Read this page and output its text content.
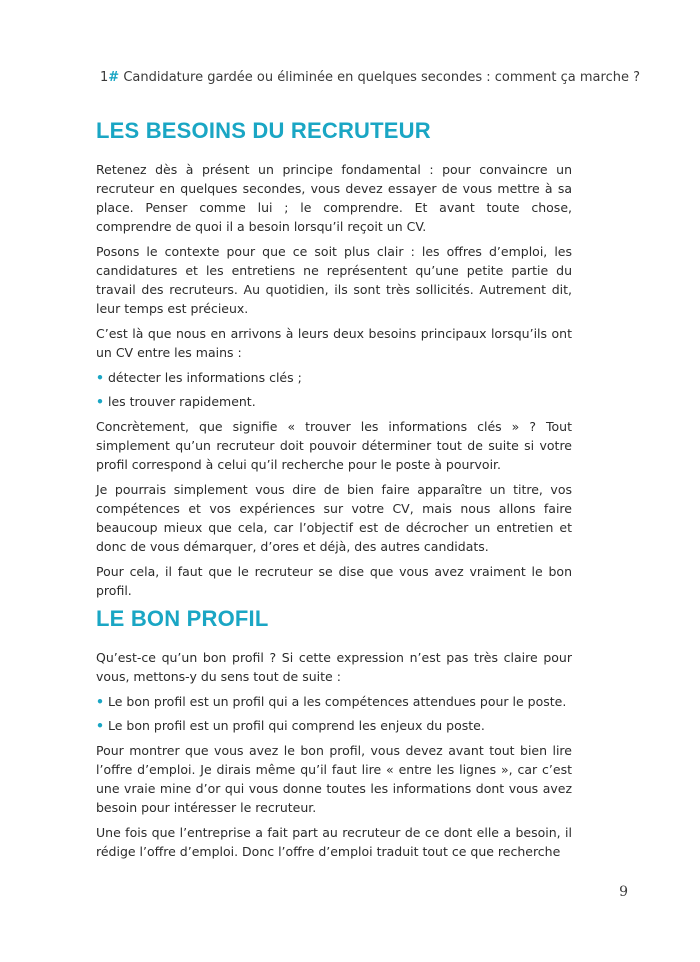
1# Candidature gardée ou éliminée en quelques secondes : comment ça marche ?
LES BESOINS DU RECRUTEUR

Retenez dès à présent un principe fondamental : pour convaincre un recruteur en quelques secondes, vous devez essayer de vous mettre à sa place. Penser comme lui ; le comprendre. Et avant toute chose, comprendre de quoi il a besoin lorsqu’il reçoit un CV.

Posons le contexte pour que ce soit plus clair : les offres d’emploi, les candidatures et les entretiens ne représentent qu’une petite partie du travail des recruteurs. Au quotidien, ils sont très sollicités. Autrement dit, leur temps est précieux.

C’est là que nous en arrivons à leurs deux besoins principaux lorsqu’ils ont un CV entre les mains :

• détecter les informations clés ;
• les trouver rapidement.

Concrètement, que signifie « trouver les informations clés » ? Tout simplement qu’un recruteur doit pouvoir déterminer tout de suite si votre profil correspond à celui qu’il recherche pour le poste à pourvoir.

Je pourrais simplement vous dire de bien faire apparaître un titre, vos compétences et vos expériences sur votre CV, mais nous allons faire beaucoup mieux que cela, car l’objectif est de décrocher un entretien et donc de vous démarquer, d’ores et déjà, des autres candidats.

Pour cela, il faut que le recruteur se dise que vous avez vraiment le bon profil.

LE BON PROFIL

Qu’est-ce qu’un bon profil ? Si cette expression n’est pas très claire pour vous, mettons-y du sens tout de suite :

• Le bon profil est un profil qui a les compétences attendues pour le poste.
• Le bon profil est un profil qui comprend les enjeux du poste.

Pour montrer que vous avez le bon profil, vous devez avant tout bien lire l’offre d’emploi. Je dirais même qu’il faut lire « entre les lignes », car c’est une vraie mine d’or qui vous donne toutes les informations dont vous avez besoin pour intéresser le recruteur.

Une fois que l’entreprise a fait part au recruteur de ce dont elle a besoin, il rédige l’offre d’emploi. Donc l’offre d’emploi traduit tout ce que recherche

9
